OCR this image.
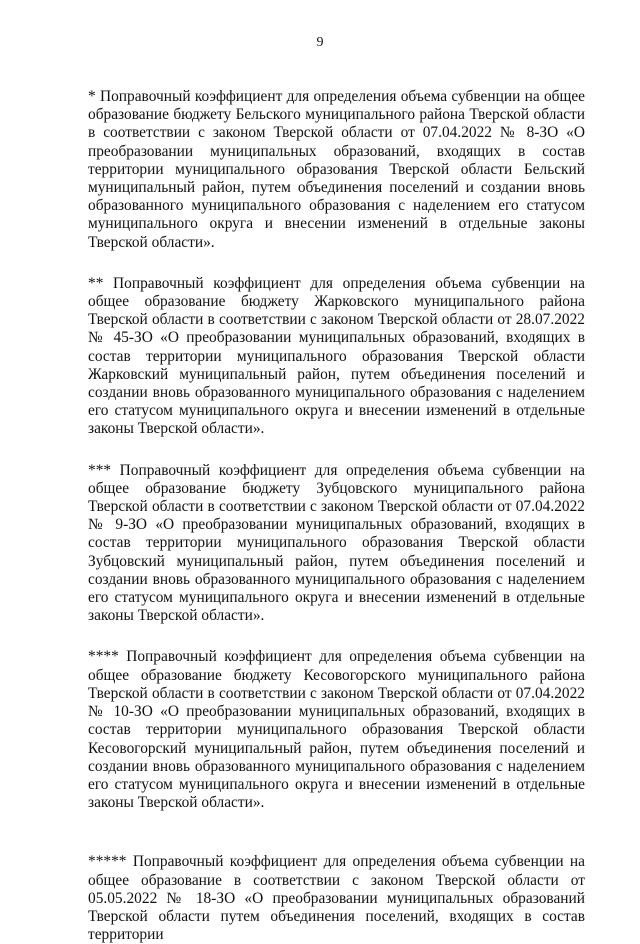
9

* Поправочный коэффициент для определения объема субвенции на общее образование бюджету Бельского муниципального района Тверской области в соответствии с законом Тверской области от 07.04.2022 № 8-ЗО «О преобразовании муниципальных образований, входящих в состав территории муниципального образования Тверской области Бельский муниципальный район, путем объединения поселений и создании вновь образованного муниципального образования с наделением его статусом муниципального округа и внесении изменений в отдельные законы Тверской области».

** Поправочный коэффициент для определения объема субвенции на общее образование бюджету Жарковского муниципального района Тверской области в соответствии с законом Тверской области от 28.07.2022 № 45-ЗО «О преобразовании муниципальных образований, входящих в состав территории муниципального образования Тверской области Жарковский муниципальный район, путем объединения поселений и создании вновь образованного муниципального образования с наделением его статусом муниципального округа и внесении изменений в отдельные законы Тверской области».

*** Поправочный коэффициент для определения объема субвенции на общее образование бюджету Зубцовского муниципального района Тверской области в соответствии с законом Тверской области от 07.04.2022 № 9-ЗО «О преобразовании муниципальных образований, входящих в состав территории муниципального образования Тверской области Зубцовский муниципальный район, путем объединения поселений и создании вновь образованного муниципального образования с наделением его статусом муниципального округа и внесении изменений в отдельные законы Тверской области».

**** Поправочный коэффициент для определения объема субвенции на общее образование бюджету Кесовогорского муниципального района Тверской области в соответствии с законом Тверской области от 07.04.2022 № 10-ЗО «О преобразовании муниципальных образований, входящих в состав территории муниципального образования Тверской области Кесовогорский муниципальный район, путем объединения поселений и создании вновь образованного муниципального образования с наделением его статусом муниципального округа и внесении изменений в отдельные законы Тверской области».

***** Поправочный коэффициент для определения объема субвенции на общее образование в соответствии с законом Тверской области от 05.05.2022 № 18-ЗО «О преобразовании муниципальных образований Тверской области путем объединения поселений, входящих в состав территории
